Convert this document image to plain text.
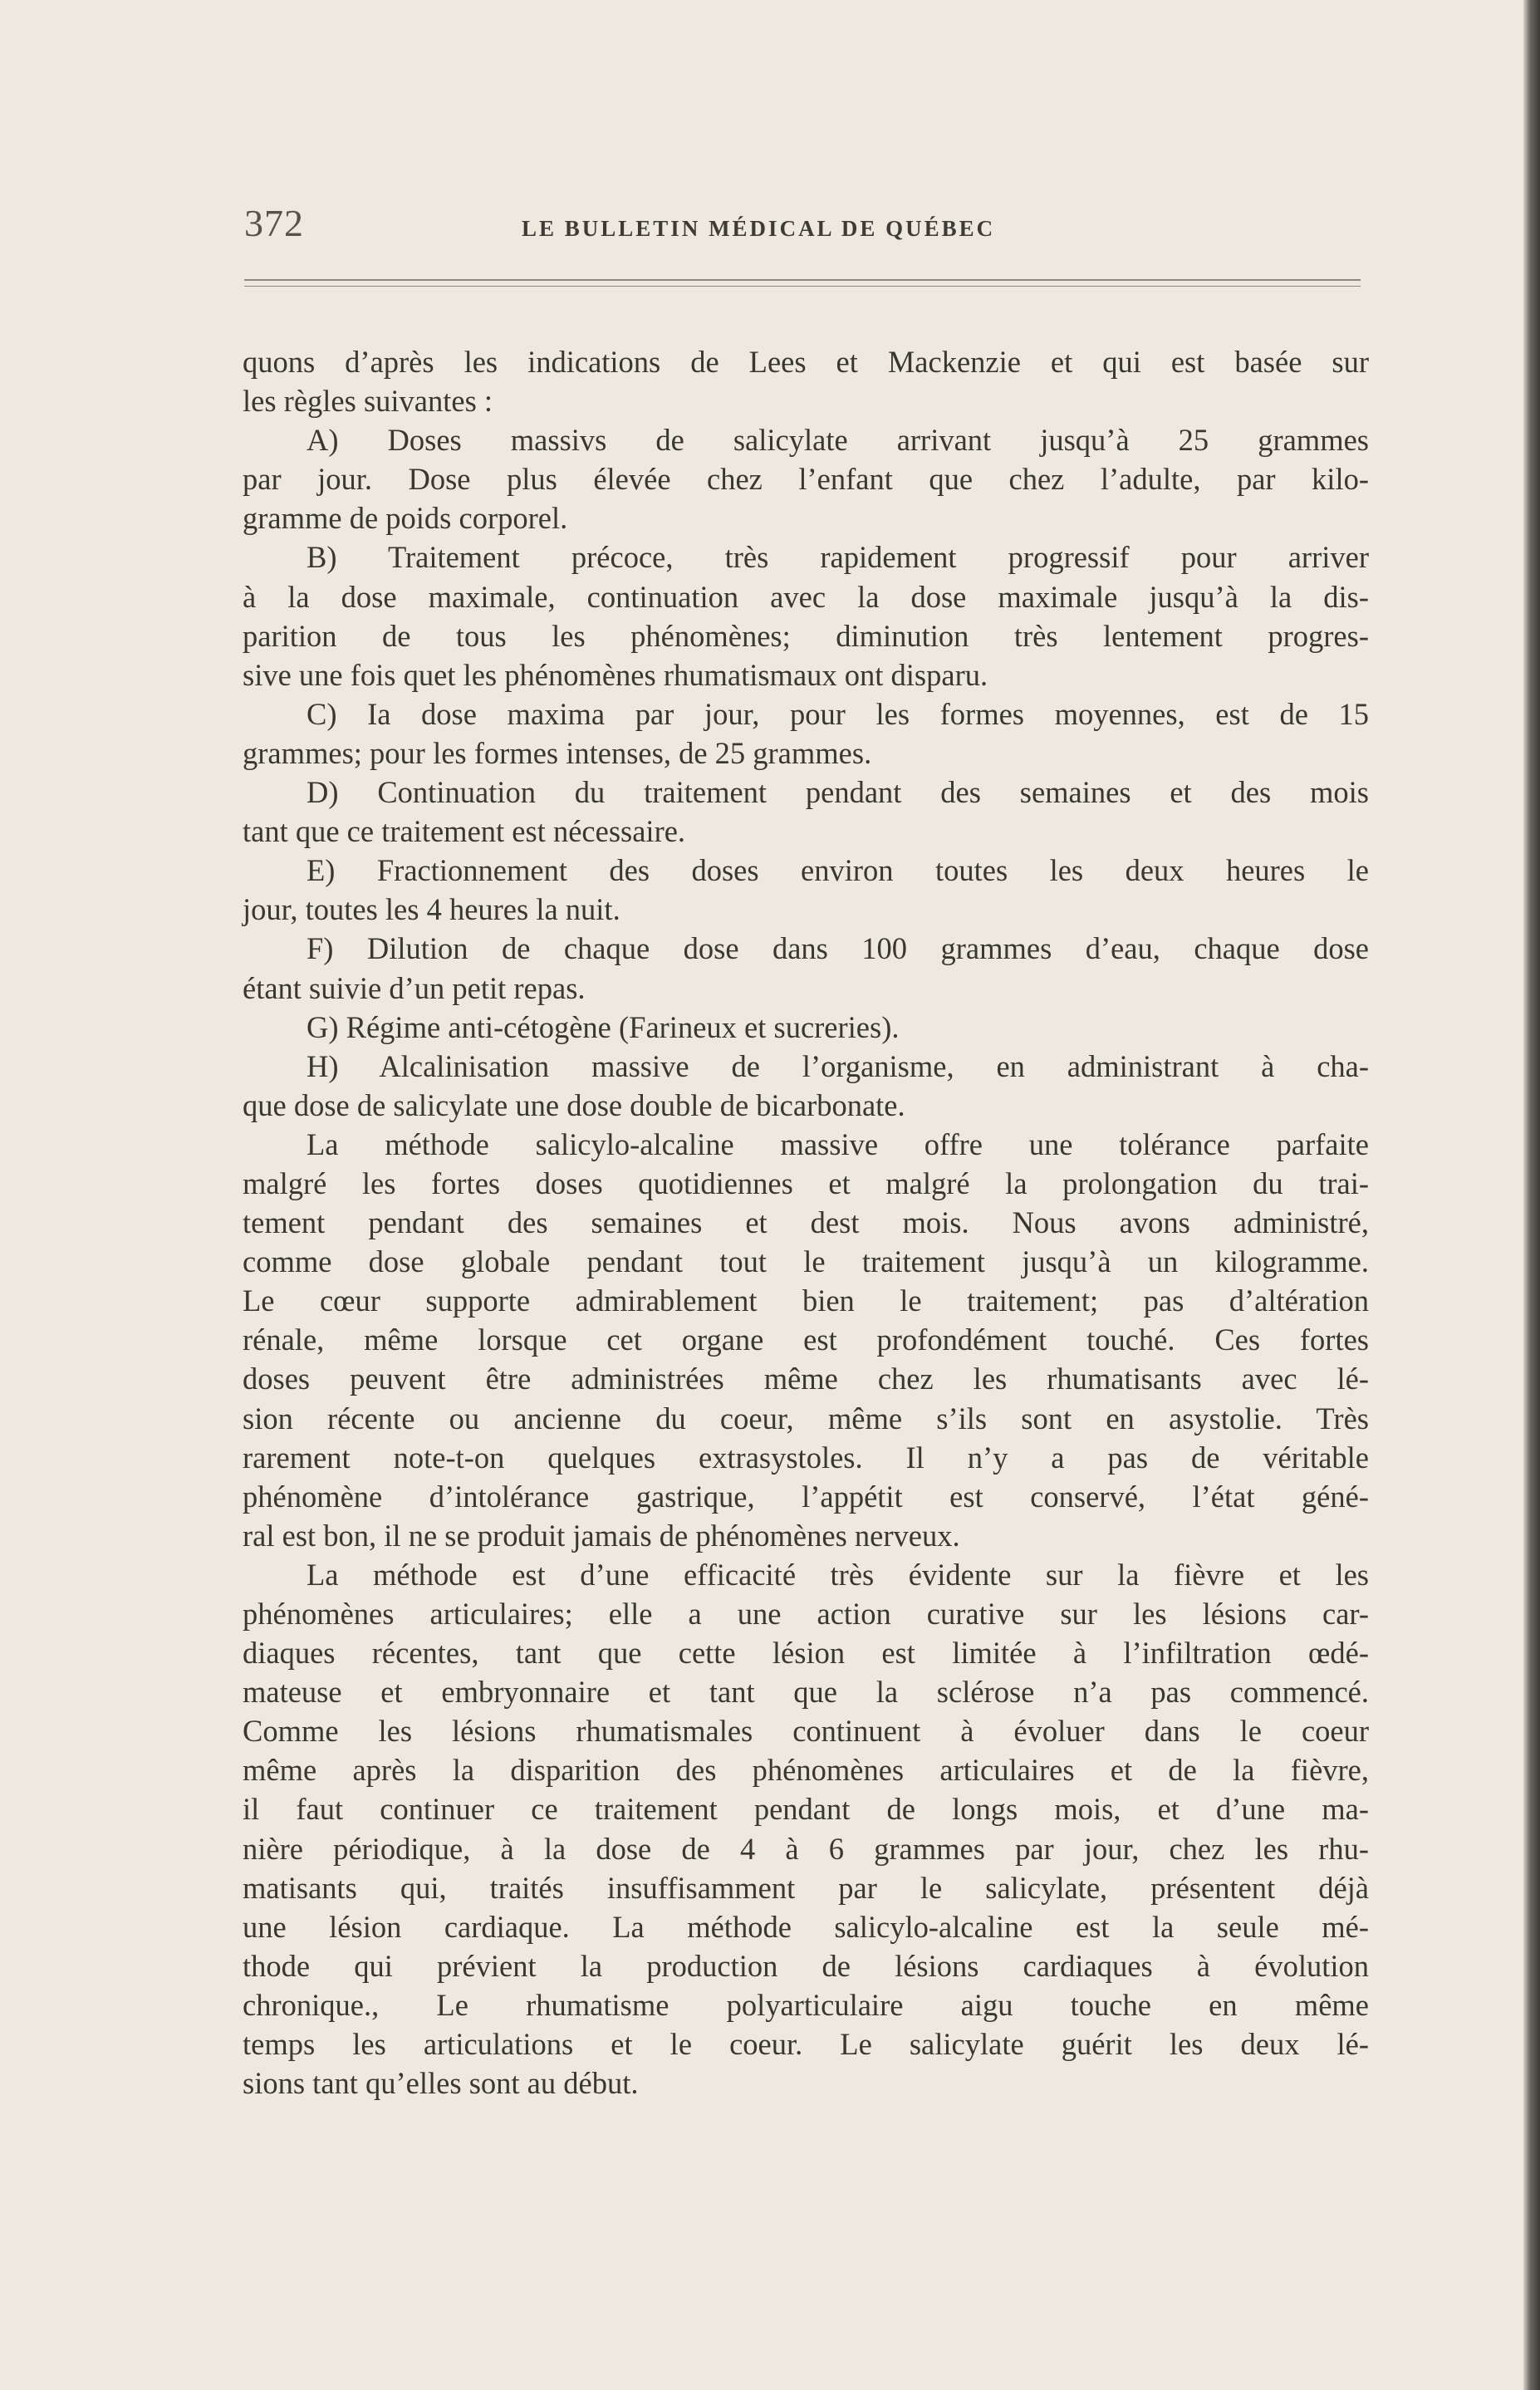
372	LE BULLETIN MÉDICAL DE QUÉBEC
quons d’après les indications de Lees et Mackenzie et qui est basée sur
les règles suivantes :
A) Doses massivs de salicylate arrivant jusqu’à 25 grammes
par jour. Dose plus élevée chez l’enfant que chez l’adulte, par kilo-
gramme de poids corporel.
B) Traitement précoce, très rapidement progressif pour arriver
à la dose maximale, continuation avec la dose maximale jusqu’à la dis-
parition de tous les phénomènes; diminution très lentement progres-
sive une fois quet les phénomènes rhumatismaux ont disparu.
C) Ia dose maxima par jour, pour les formes moyennes, est de 15
grammes; pour les formes intenses, de 25 grammes.
D) Continuation du traitement pendant des semaines et des mois
tant que ce traitement est nécessaire.
E) Fractionnement des doses environ toutes les deux heures le
jour, toutes les 4 heures la nuit.
F) Dilution de chaque dose dans 100 grammes d’eau, chaque dose
étant suivie d’un petit repas.
G) Régime anti-cétogène (Farineux et sucreries).
H) Alcalinisation massive de l’organisme, en administrant à cha-
que dose de salicylate une dose double de bicarbonate.
La méthode salicylo-alcaline massive offre une tolérance parfaite
malgré les fortes doses quotidiennes et malgré la prolongation du trai-
tement pendant des semaines et dest mois. Nous avons administré,
comme dose globale pendant tout le traitement jusqu’à un kilogramme.
Le cœur supporte admirablement bien le traitement; pas d’altération
rénale, même lorsque cet organe est profondément touché. Ces fortes
doses peuvent être administrées même chez les rhumatisants avec lé-
sion récente ou ancienne du coeur, même s’ils sont en asystolie. Très
rarement note-t-on quelques extrasystoles. Il n’y a pas de véritable
phénomène d’intolérance gastrique, l’appétit est conservé, l’état géné-
ral est bon, il ne se produit jamais de phénomènes nerveux.
La méthode est d’une efficacité très évidente sur la fièvre et les
phénomènes articulaires; elle a une action curative sur les lésions car-
diaques récentes, tant que cette lésion est limitée à l’infiltration œdé-
mateuse et embryonnaire et tant que la sclérose n’a pas commencé.
Comme les lésions rhumatismales continuent à évoluer dans le coeur
même après la disparition des phénomènes articulaires et de la fièvre,
il faut continuer ce traitement pendant de longs mois, et d’une ma-
nière périodique, à la dose de 4 à 6 grammes par jour, chez les rhu-
matisants qui, traités insuffisamment par le salicylate, présentent déjà
une lésion cardiaque. La méthode salicylo-alcaline est la seule mé-
thode qui prévient la production de lésions cardiaques à évolution
chronique., Le rhumatisme polyarticulaire aigu touche en même
temps les articulations et le coeur. Le salicylate guérit les deux lé-
sions tant qu’elles sont au début.
